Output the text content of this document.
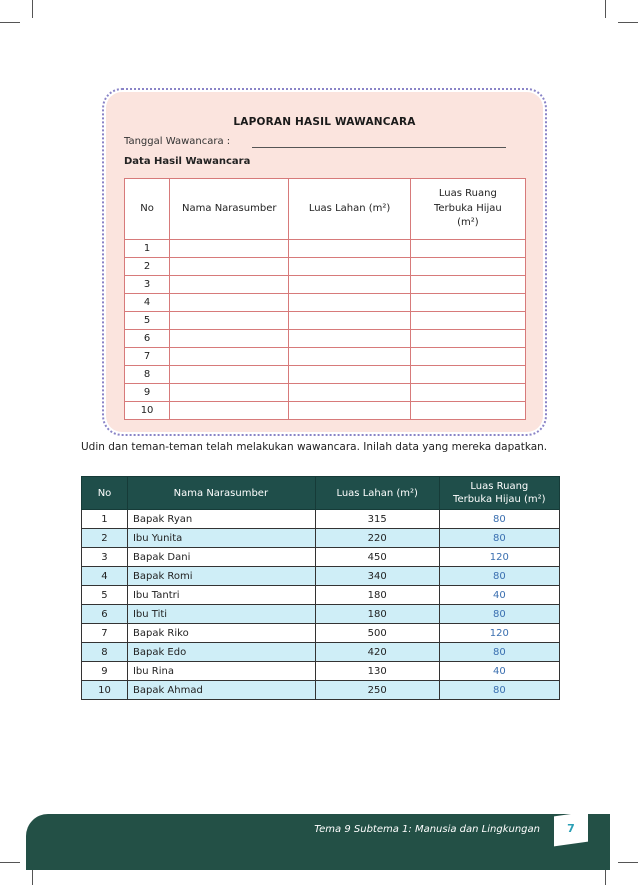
LAPORAN HASIL WAWANCARA
Tanggal Wawancara :
Data Hasil Wawancara
No	Nama Narasumber	Luas Lahan (m²)	Luas Ruang
Terbuka Hijau
(m²)
1			
2			
3			
4			
5			
6			
7			
8			
9			
10			
Udin dan teman-teman telah melakukan wawancara. Inilah data yang mereka dapatkan.
No	Nama Narasumber	Luas Lahan (m²)	Luas Ruang
Terbuka Hijau (m²)
1	Bapak Ryan	315	80
2	Ibu Yunita	220	80
3	Bapak Dani	450	120
4	Bapak Romi	340	80
5	Ibu Tantri	180	40
6	Ibu Titi	180	80
7	Bapak Riko	500	120
8	Bapak Edo	420	80
9	Ibu Rina	130	40
10	Bapak Ahmad	250	80
Tema 9 Subtema 1: Manusia dan Lingkungan	7
